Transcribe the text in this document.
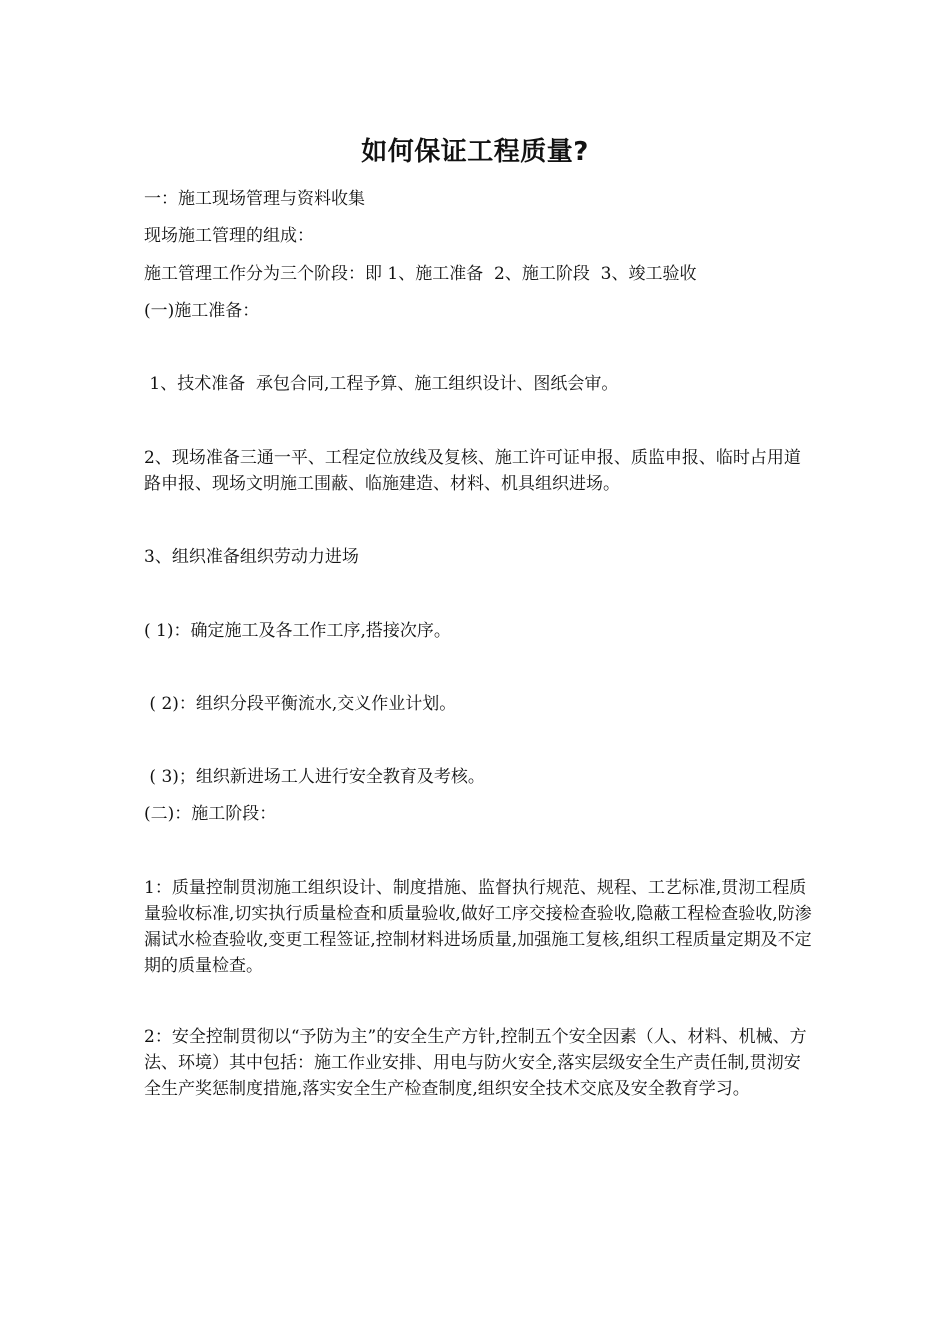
如何保证工程质量?
一：施工现场管理与资料收集
现场施工管理的组成：
施工管理工作分为三个阶段：即 1、施工准备  2、施工阶段  3、竣工验收
(一)施工准备：
1、技术准备  承包合同,工程予算、施工组织设计、图纸会审。
2、现场准备三通一平、工程定位放线及复核、施工许可证申报、质监申报、临时占用道路申报、现场文明施工围蔽、临施建造、材料、机具组织进场。
3、组织准备组织劳动力进场
( 1)：确定施工及各工作工序,搭接次序。
( 2)：组织分段平衡流水,交义作业计划。
( 3)；组织新进场工人进行安全教育及考核。
(二)：施工阶段：
1：质量控制贯沏施工组织设计、制度措施、监督执行规范、规程、工艺标准,贯沏工程质量验收标准,切实执行质量检查和质量验收,做好工序交接检查验收,隐蔽工程检查验收,防渗漏试水检查验收,变更工程签证,控制材料进场质量,加强施工复核,组织工程质量定期及不定期的质量检查。
2：安全控制贯彻以“予防为主”的安全生产方针,控制五个安全因素（人、材料、机械、方法、环境）其中包括：施工作业安排、用电与防火安全,落实层级安全生产责任制,贯沏安全生产奖惩制度措施,落实安全生产检查制度,组织安全技术交底及安全教育学习。
